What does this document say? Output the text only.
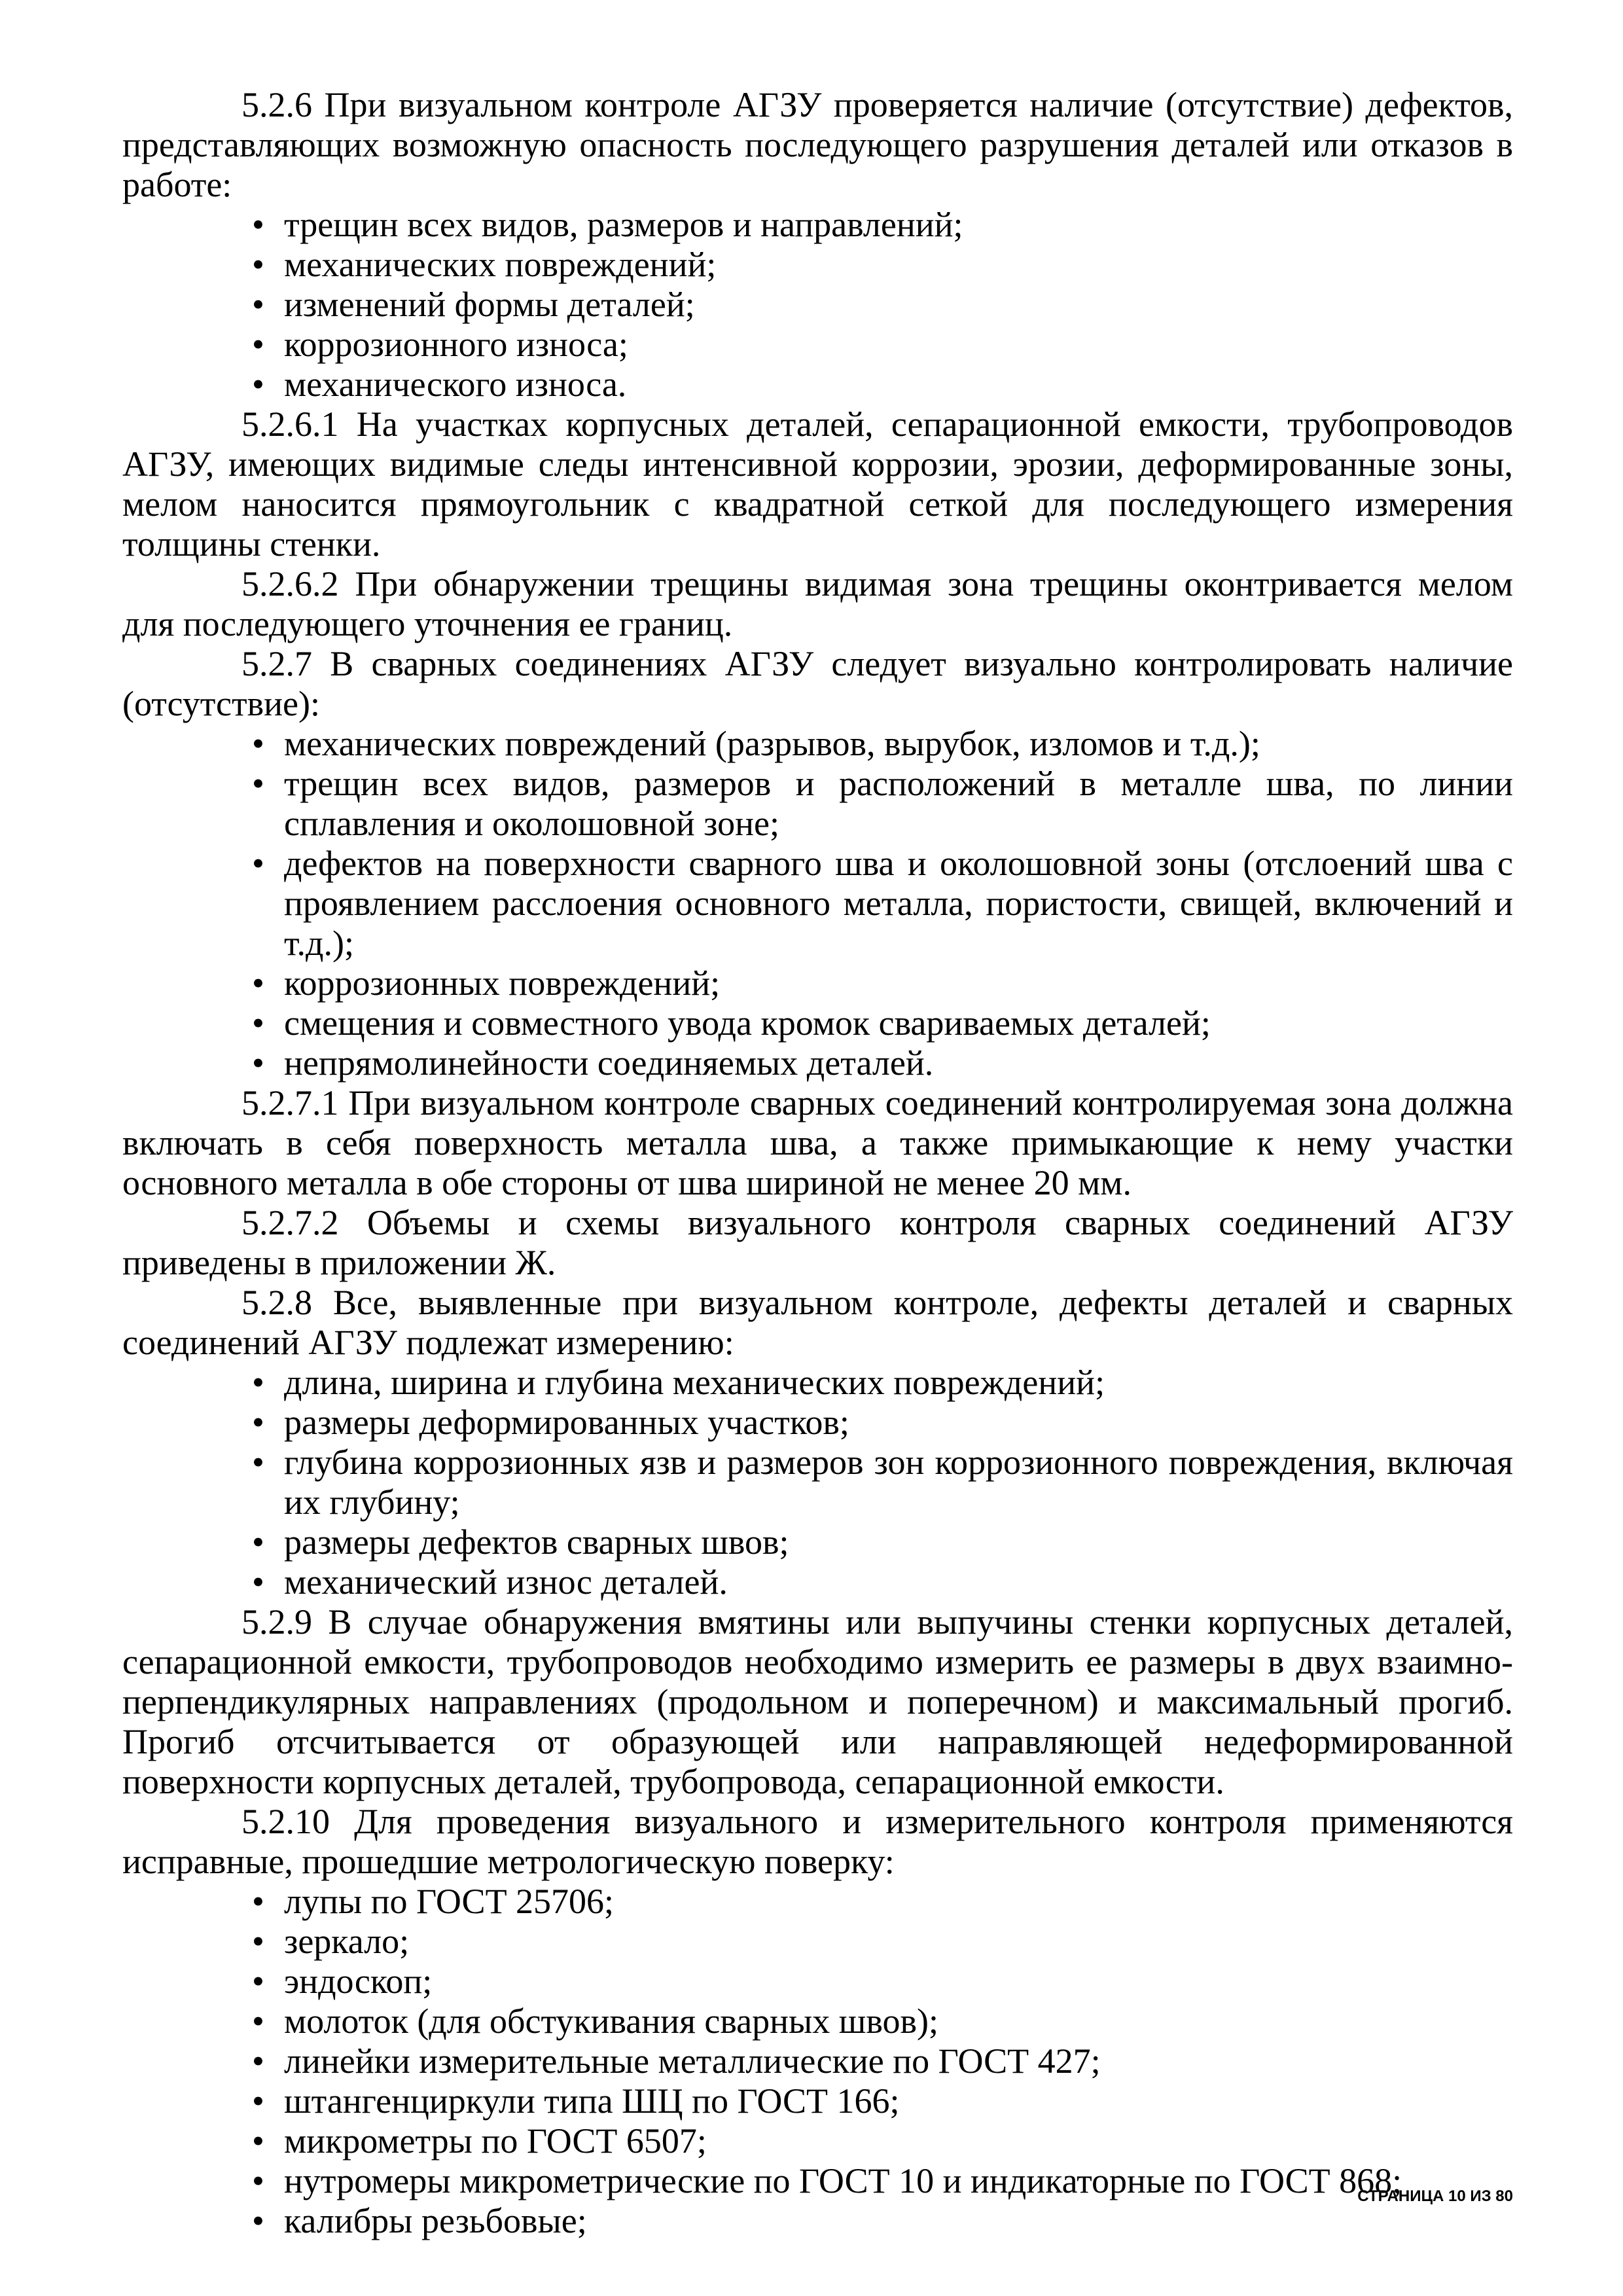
5.2.6 При визуальном контроле АГЗУ проверяется наличие (отсутствие) дефектов, представляющих возможную опасность последующего разрушения деталей или отказов в работе:

• трещин всех видов, размеров и направлений;

• механических повреждений;

• изменений формы деталей;

• коррозионного износа;

• механического износа.

5.2.6.1 На участках корпусных деталей, сепарационной емкости, трубопроводов АГЗУ, имеющих видимые следы интенсивной коррозии, эрозии, деформированные зоны, мелом наносится прямоугольник с квадратной сеткой для последующего измерения толщины стенки.

5.2.6.2 При обнаружении трещины видимая зона трещины оконтривается мелом для последующего уточнения ее границ.

5.2.7 В сварных соединениях АГЗУ следует визуально контролировать наличие (отсутствие):

• механических повреждений (разрывов, вырубок, изломов и т.д.);

• трещин всех видов, размеров и расположений в металле шва, по линии сплавления и околошовной зоне;

• дефектов на поверхности сварного шва и околошовной зоны (отслоений шва с проявлением расслоения основного металла, пористости, свищей, включений и т.д.);

• коррозионных повреждений;

• смещения и совместного увода кромок свариваемых деталей;

• непрямолинейности соединяемых деталей.

5.2.7.1 При визуальном контроле сварных соединений контролируемая зона должна включать в себя поверхность металла шва, а также примыкающие к нему участки основного металла в обе стороны от шва шириной не менее 20 мм.

5.2.7.2 Объемы и схемы визуального контроля сварных соединений АГЗУ приведены в приложении Ж.

5.2.8 Все, выявленные при визуальном контроле, дефекты деталей и сварных соединений АГЗУ подлежат измерению:

• длина, ширина и глубина механических повреждений;

• размеры деформированных участков;

• глубина коррозионных язв и размеров зон коррозионного повреждения, включая их глубину;

• размеры дефектов сварных швов;

• механический износ деталей.

5.2.9 В случае обнаружения вмятины или выпучины стенки корпусных деталей, сепарационной емкости, трубопроводов необходимо измерить ее размеры в двух взаимно-перпендикулярных направлениях (продольном и поперечном) и максимальный прогиб. Прогиб отсчитывается от образующей или направляющей недеформированной поверхности корпусных деталей, трубопровода, сепарационной емкости.

5.2.10 Для проведения визуального и измерительного контроля применяются исправные, прошедшие метрологическую поверку:

• лупы по ГОСТ 25706;

• зеркало;

• эндоскоп;

• молоток (для обстукивания сварных швов);

• линейки измерительные металлические по ГОСТ 427;

• штангенциркули типа ШЦ по ГОСТ 166;

• микрометры по ГОСТ 6507;

• нутромеры микрометрические по ГОСТ 10 и индикаторные по ГОСТ 868;

• калибры резьбовые;

СТРАНИЦА 10 ИЗ 80
